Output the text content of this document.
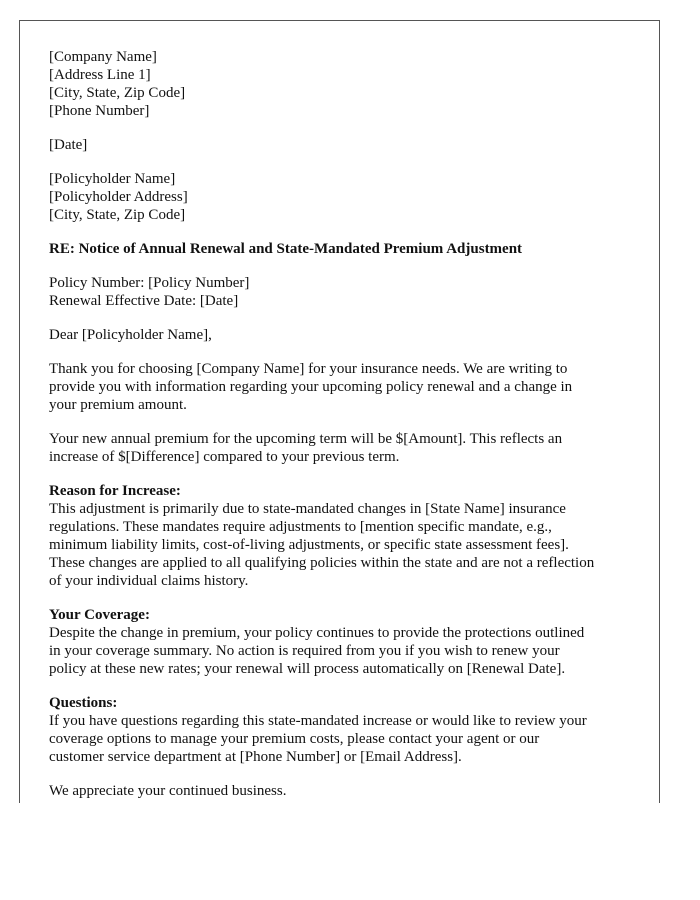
[Company Name]
[Address Line 1]
[City, State, Zip Code]
[Phone Number]
[Date]
[Policyholder Name]
[Policyholder Address]
[City, State, Zip Code]
RE: Notice of Annual Renewal and State-Mandated Premium Adjustment
Policy Number: [Policy Number]
Renewal Effective Date: [Date]
Dear [Policyholder Name],
Thank you for choosing [Company Name] for your insurance needs. We are writing to
provide you with information regarding your upcoming policy renewal and a change in
your premium amount.
Your new annual premium for the upcoming term will be $[Amount]. This reflects an
increase of $[Difference] compared to your previous term.
Reason for Increase:
This adjustment is primarily due to state-mandated changes in [State Name] insurance
regulations. These mandates require adjustments to [mention specific mandate, e.g.,
minimum liability limits, cost-of-living adjustments, or specific state assessment fees].
These changes are applied to all qualifying policies within the state and are not a reflection
of your individual claims history.
Your Coverage:
Despite the change in premium, your policy continues to provide the protections outlined
in your coverage summary. No action is required from you if you wish to renew your
policy at these new rates; your renewal will process automatically on [Renewal Date].
Questions:
If you have questions regarding this state-mandated increase or would like to review your
coverage options to manage your premium costs, please contact your agent or our
customer service department at [Phone Number] or [Email Address].
We appreciate your continued business.
